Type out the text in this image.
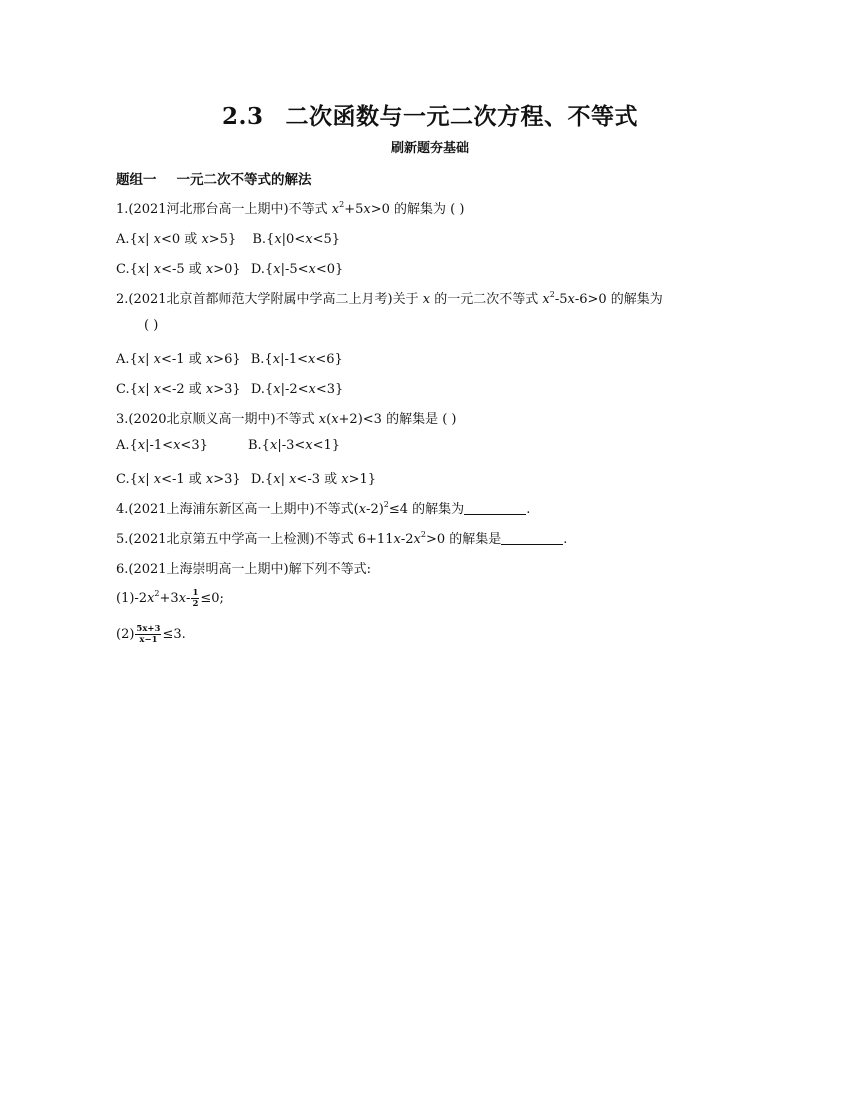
2.3 二次函数与一元二次方程、不等式
刷新题夯基础
题组一 一元二次不等式的解法
1.(2021河北邢台高一上期中)不等式 $x^2+5x>0$ 的解集为 ( )
A.{x| x<0 或 x>5} B.{x|0<x<5}
C.{x| x<-5 或 x>0} D.{x|-5<x<0}
2.(2021北京首都师范大学附属中学高二上月考)关于 x 的一元二次不等式 $x^2-5x-6>0$ 的解集为
( )
A.{x| x<-1 或 x>6} B.{x|-1<x<6}
C.{x| x<-2 或 x>3} D.{x|-2<x<3}
3.(2020北京顺义高一期中)不等式 x(x+2)<3 的解集是 ( )
A.{x|-1<x<3}	B.{x|-3<x<1}
C.{x| x<-1 或 x>3} D.{x| x<-3 或 x>1}
4.(2021上海浦东新区高一上期中)不等式$(x-2)^2\le 4$ 的解集为	.
5.(2021北京第五中学高一上检测)不等式 $6+11x-2x^2>0$ 的解集是	.
6.(2021上海崇明高一上期中)解下列不等式:
$(1)-2x^2+3x- \frac{1}{2} \le 0$;
$(2) \frac{5x+3}{x-1} \le 3$.
